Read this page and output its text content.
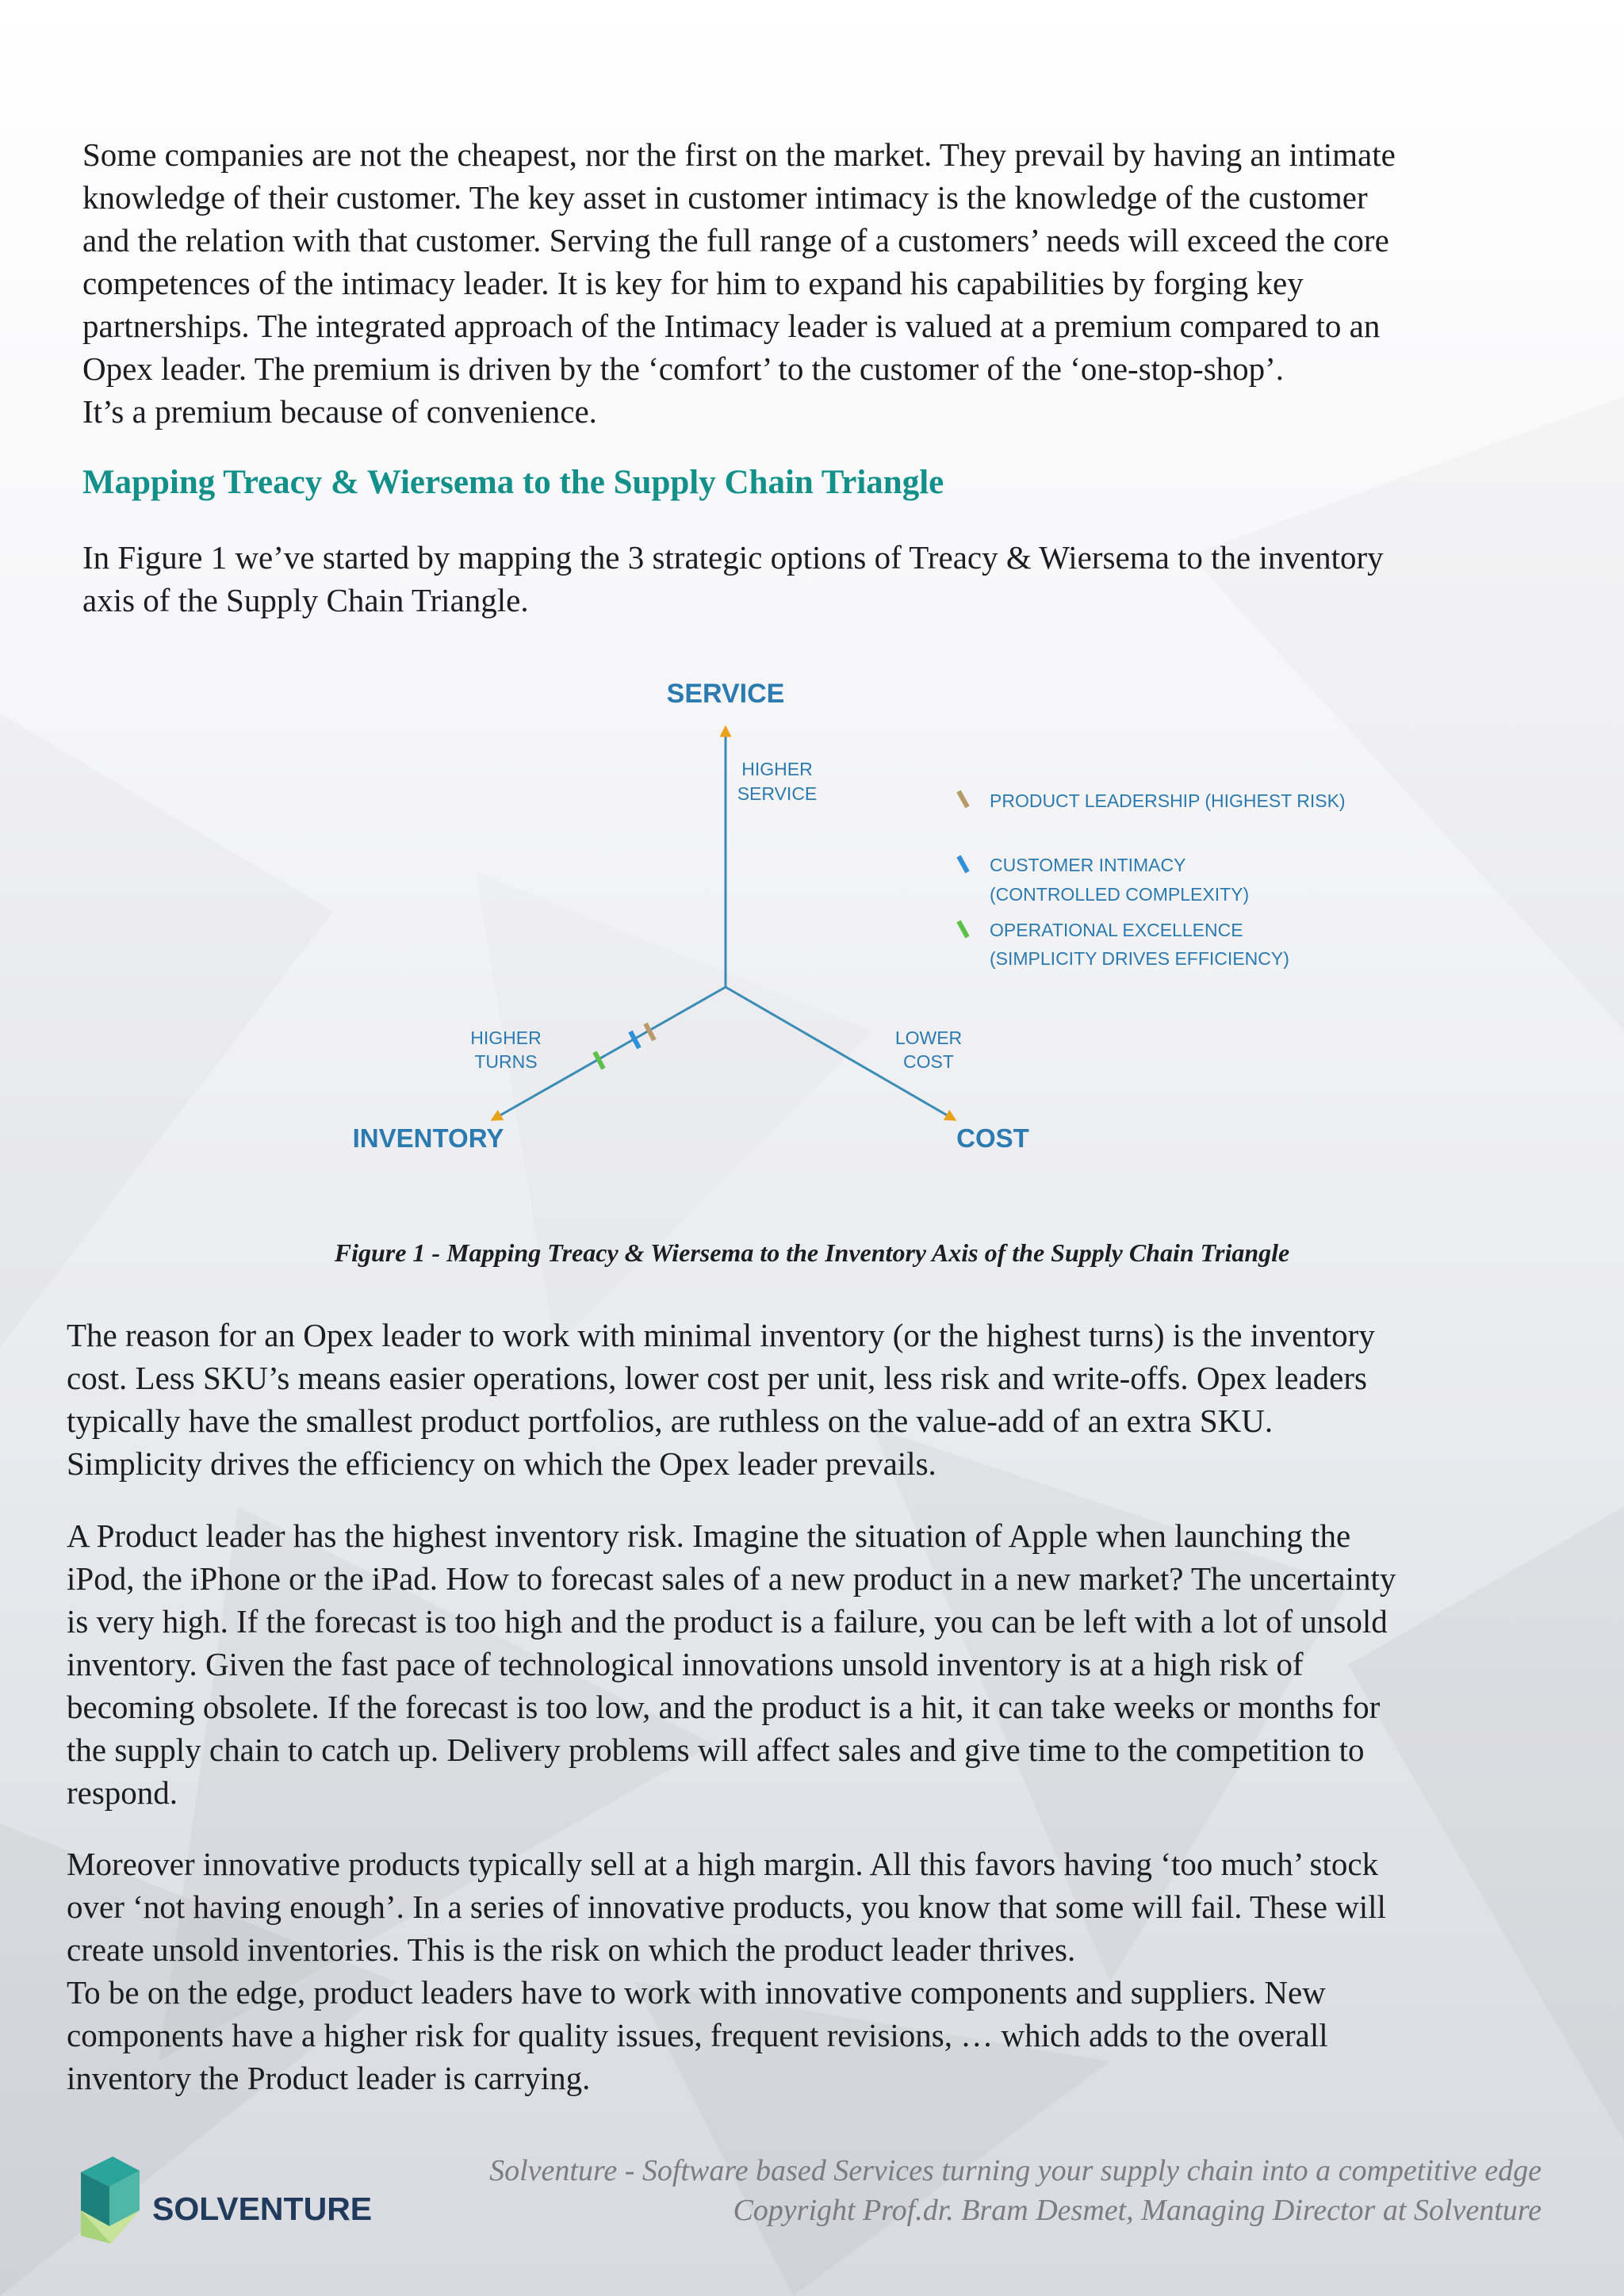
Some companies are not the cheapest, nor the first on the market. They prevail by having an intimate

knowledge of their customer. The key asset in customer intimacy is the knowledge of the customer

and the relation with that customer. Serving the full range of a customers’ needs will exceed the core

competences of the intimacy leader. It is key for him to expand his capabilities by forging key

partnerships. The integrated approach of the Intimacy leader is valued at a premium compared to an

Opex leader. The premium is driven by the ‘comfort’ to the customer of the ‘one-stop-shop’.

It’s a premium because of convenience.

Mapping Treacy & Wiersema to the Supply Chain Triangle

In Figure 1 we’ve started by mapping the 3 strategic options of Treacy & Wiersema to the inventory

axis of the Supply Chain Triangle.

SERVICE
HIGHER
SERVICE
HIGHER
TURNS
LOWER
COST
INVENTORY	COST
PRODUCT LEADERSHIP (HIGHEST RISK)
CUSTOMER INTIMACY
(CONTROLLED COMPLEXITY)
OPERATIONAL EXCELLENCE
(SIMPLICITY DRIVES EFFICIENCY)

Figure 1 - Mapping Treacy & Wiersema to the Inventory Axis of the Supply Chain Triangle

The reason for an Opex leader to work with minimal inventory (or the highest turns) is the inventory

cost. Less SKU’s means easier operations, lower cost per unit, less risk and write-offs. Opex leaders

typically have the smallest product portfolios, are ruthless on the value-add of an extra SKU.

Simplicity drives the efficiency on which the Opex leader prevails.

A Product leader has the highest inventory risk. Imagine the situation of Apple when launching the

iPod, the iPhone or the iPad. How to forecast sales of a new product in a new market? The uncertainty

is very high. If the forecast is too high and the product is a failure, you can be left with a lot of unsold

inventory. Given the fast pace of technological innovations unsold inventory is at a high risk of

becoming obsolete. If the forecast is too low, and the product is a hit, it can take weeks or months for

the supply chain to catch up. Delivery problems will affect sales and give time to the competition to

respond.

Moreover innovative products typically sell at a high margin. All this favors having ‘too much’ stock

over ‘not having enough’. In a series of innovative products, you know that some will fail. These will

create unsold inventories. This is the risk on which the product leader thrives.

To be on the edge, product leaders have to work with innovative components and suppliers. New

components have a higher risk for quality issues, frequent revisions, … which adds to the overall

inventory the Product leader is carrying.

SOLVENTURE

Solventure - Software based Services turning your supply chain into a competitive edge

Copyright Prof.dr. Bram Desmet, Managing Director at Solventure
